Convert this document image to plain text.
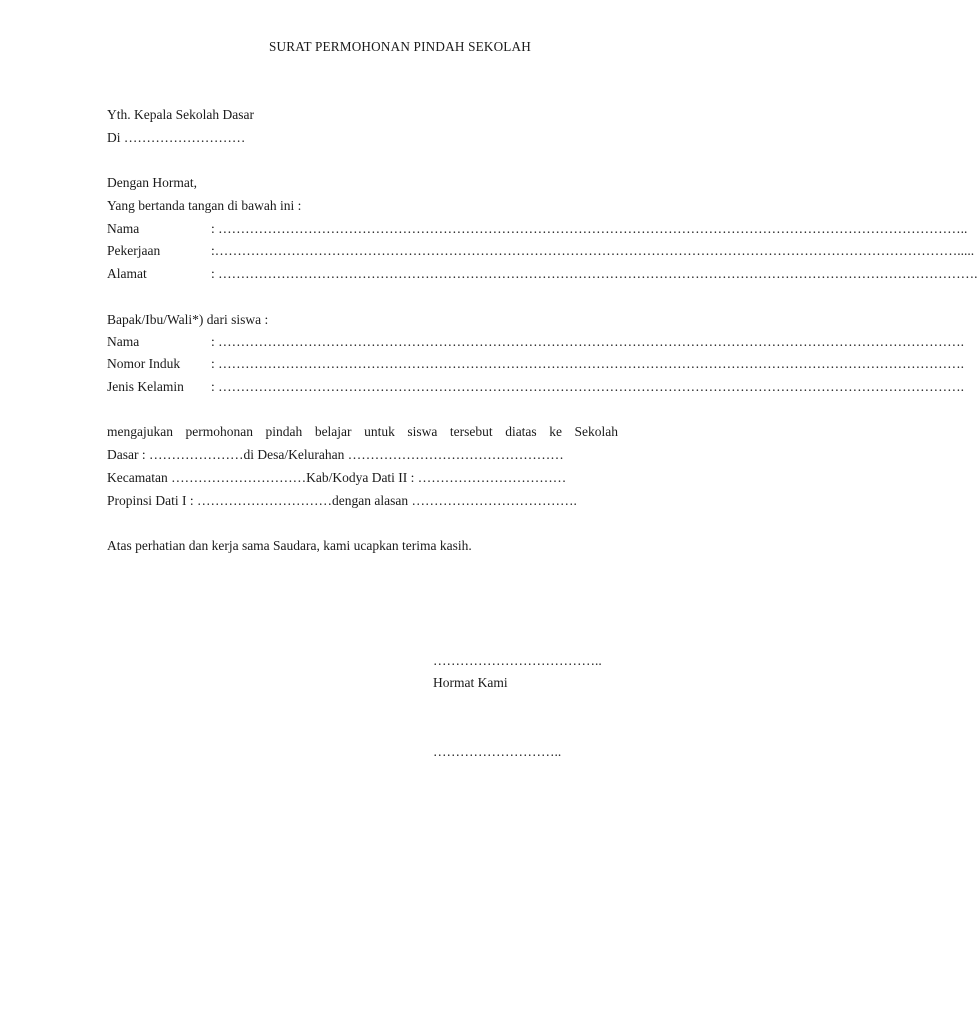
SURAT PERMOHONAN PINDAH SEKOLAH
Yth. Kepala Sekolah Dasar
Di ………………………
Dengan Hormat,
Yang bertanda tangan di bawah ini :
Nama	: …………………………………………………………………………………………………………………………………………………..
Pekerjaan	:………………………………………………………………………………………………………………………………………………….....
Alamat	: …………………………………………………………………………………………………………………………………………………….
Bapak/Ibu/Wali*) dari siswa :
Nama	: ………………………………………………………………………………………………………………………………………………….
Nomor Induk : ………………………………………………………………………………………………………………………………………………….
Jenis Kelamin : ………………………………………………………………………………………………………………………………………………….
mengajukan permohonan pindah belajar untuk siswa tersebut diatas ke Sekolah
Dasar : …………………di Desa/Kelurahan …………………………………………
Kecamatan …………………………Kab/Kodya Dati II : ……………………………
Propinsi Dati I : …………………………dengan alasan ……………………………….
Atas perhatian dan kerja sama Saudara, kami ucapkan terima kasih.
………………………………..
Hormat Kami
………………………..
